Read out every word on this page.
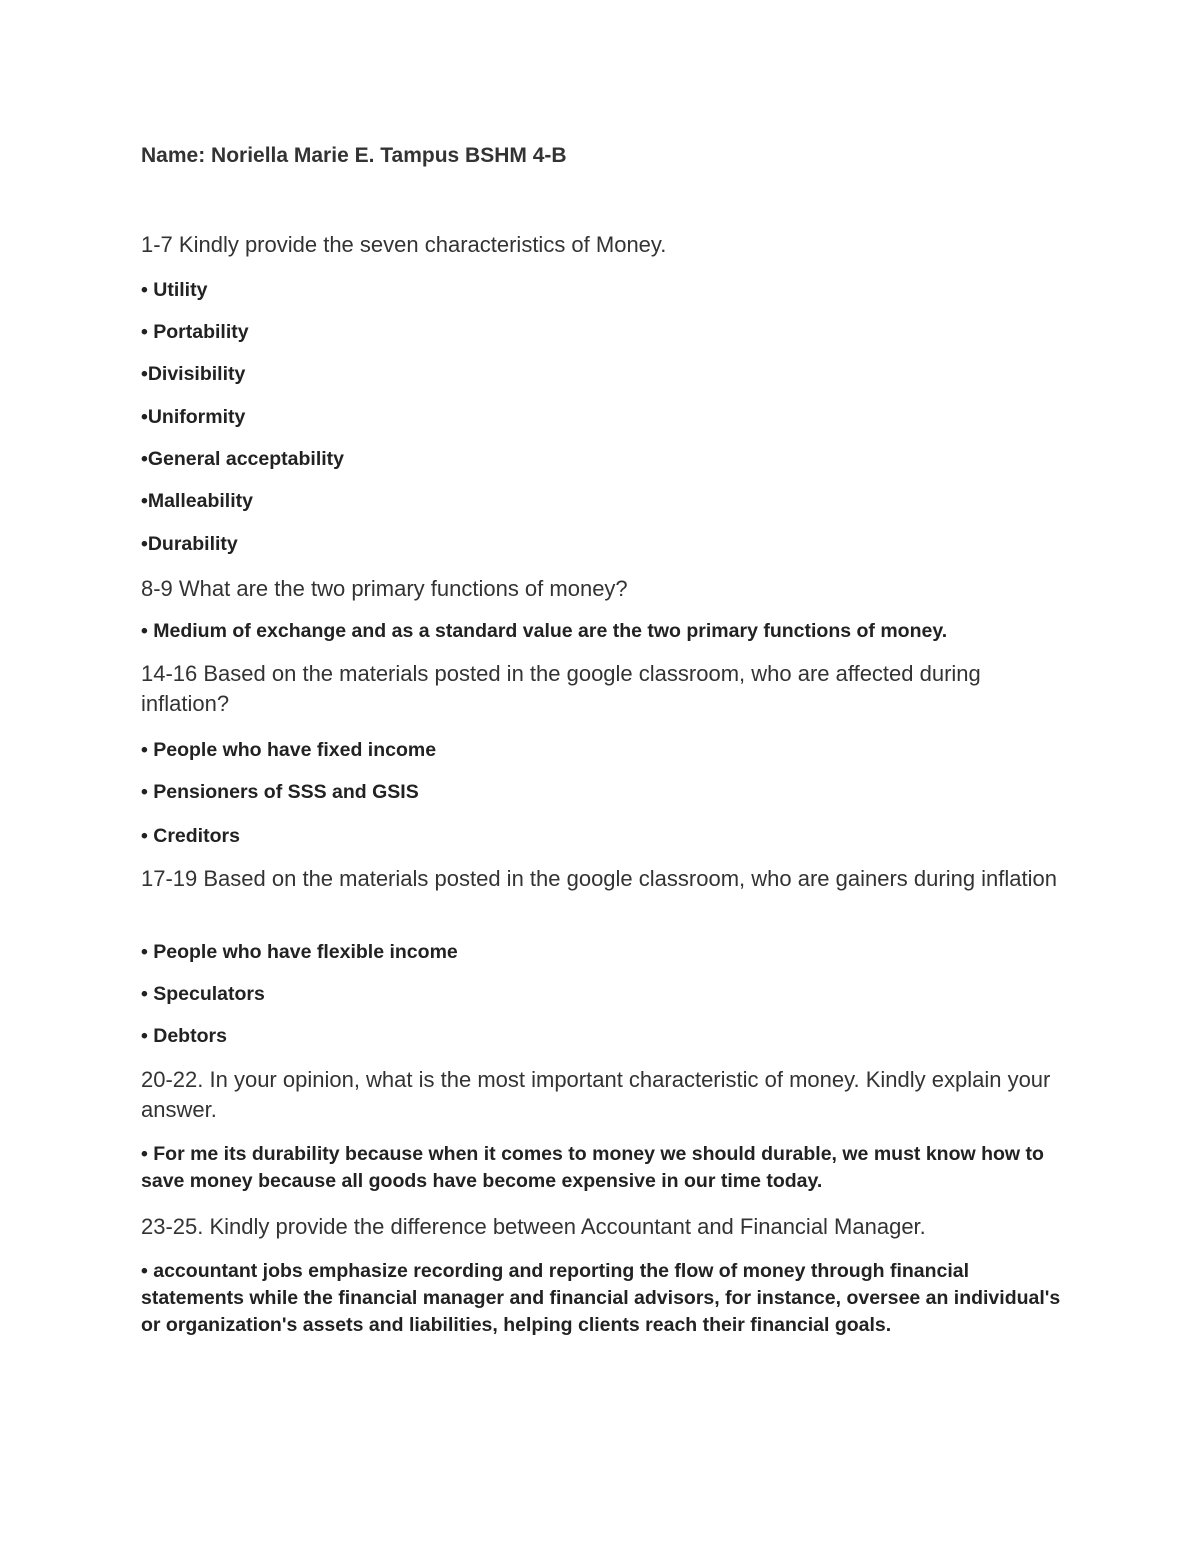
Name: Noriella Marie E. Tampus BSHM 4-B

1-7 Kindly provide the seven characteristics of Money.

• Utility

• Portability

•Divisibility

•Uniformity

•General acceptability

•Malleability

•Durability

8-9 What are the two primary functions of money?

• Medium of exchange and as a standard value are the two primary functions of money.

14-16 Based on the materials posted in the google classroom, who are affected during inflation?

• People who have fixed income

• Pensioners of SSS and GSIS

• Creditors

17-19 Based on the materials posted in the google classroom, who are gainers during inflation

• People who have flexible income

• Speculators

• Debtors

20-22. In your opinion, what is the most important characteristic of money. Kindly explain your answer.

• For me its durability because when it comes to money we should durable, we must know how to save money because all goods have become expensive in our time today.

23-25. Kindly provide the difference between Accountant and Financial Manager.

• accountant jobs emphasize recording and reporting the flow of money through financial statements while the financial manager and financial advisors, for instance, oversee an individual's or organization's assets and liabilities, helping clients reach their financial goals.
